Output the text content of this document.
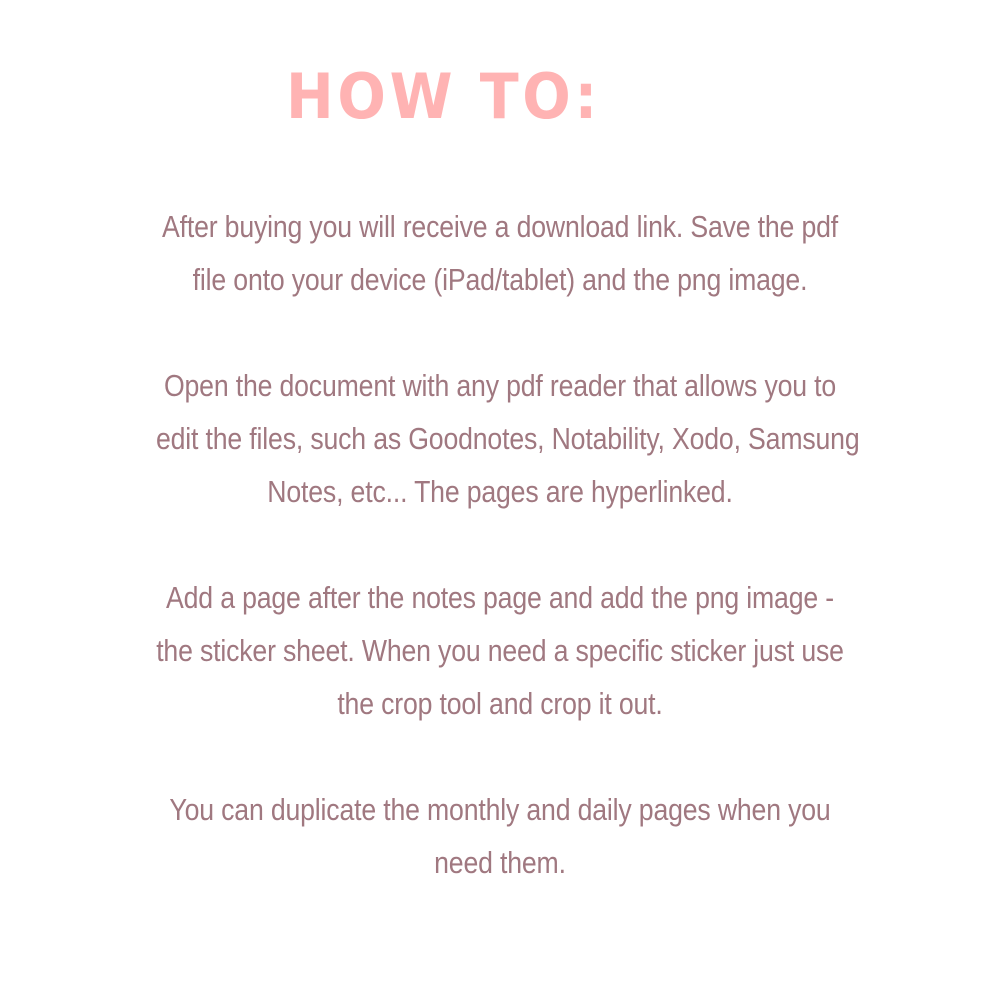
HOW TO:

After buying you will receive a download link. Save the pdf
file onto your device (iPad/tablet) and the png image.

Open the document with any pdf reader that allows you to
edit the files, such as Goodnotes, Notability, Xodo, Samsung
Notes, etc... The pages are hyperlinked.

Add a page after the notes page and add the png image -
the sticker sheet. When you need a specific sticker just use
the crop tool and crop it out.

You can duplicate the monthly and daily pages when you
need them.
